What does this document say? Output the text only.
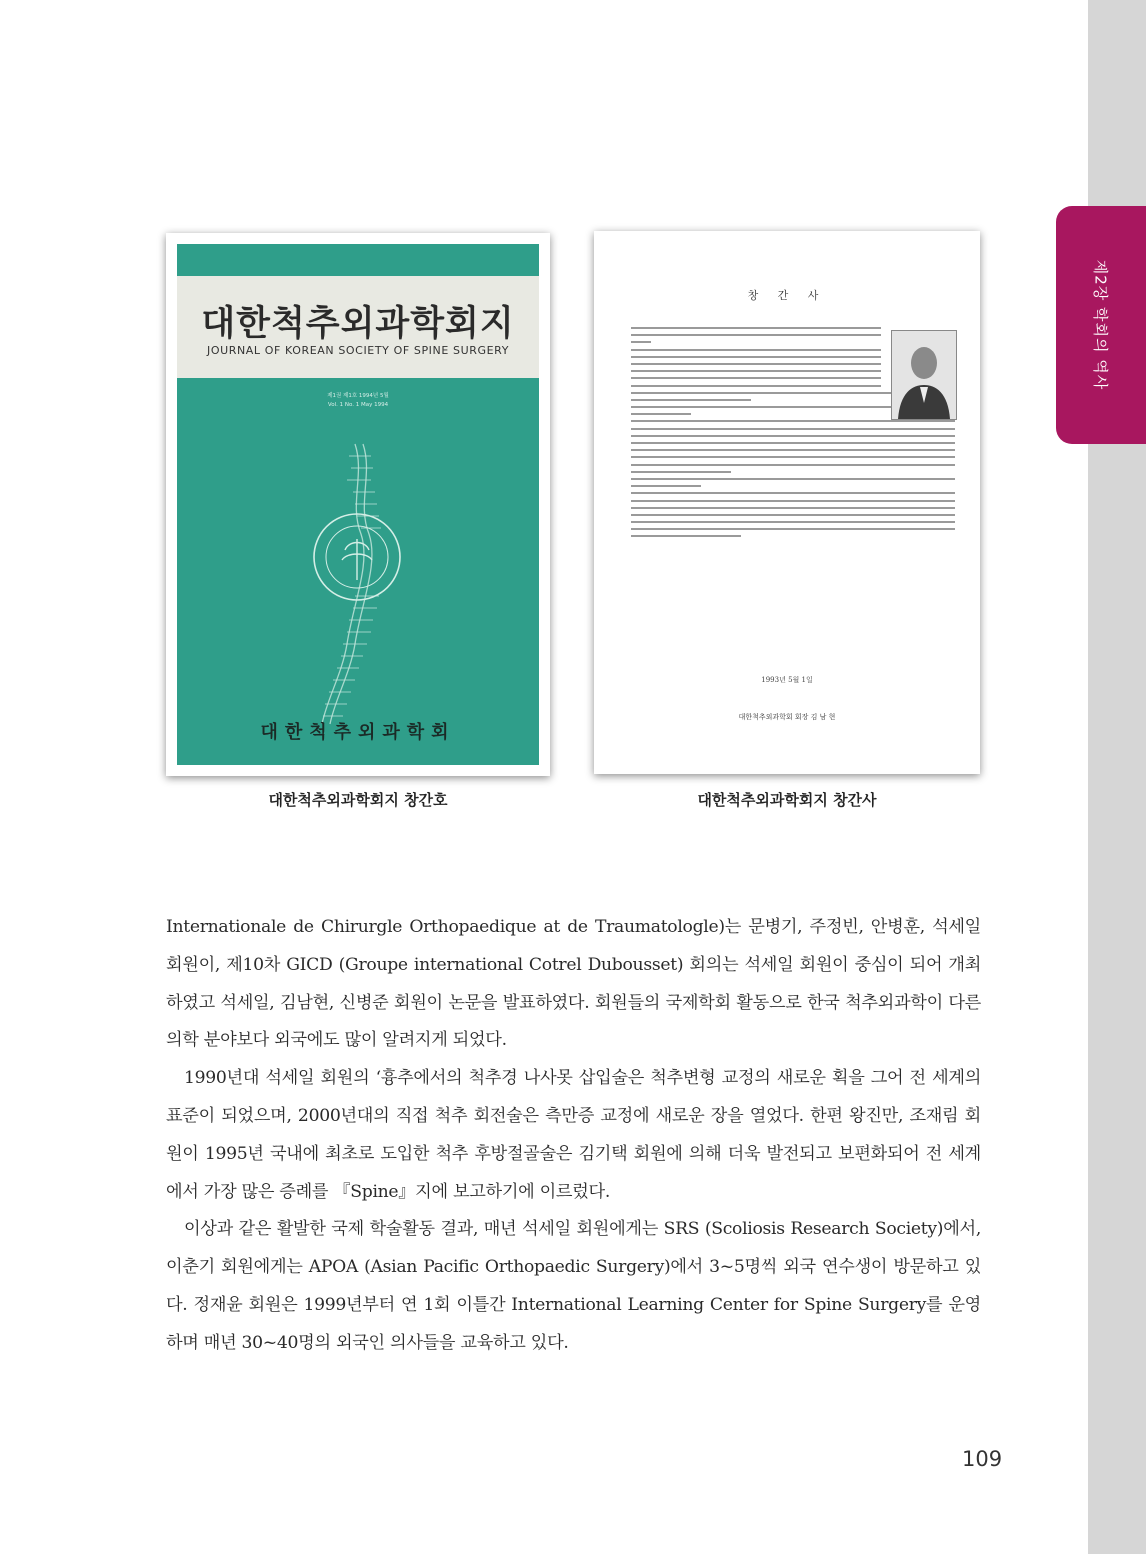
제2장 학회의 역사
대한척추외과학회지
JOURNAL OF KOREAN SOCIETY OF SPINE SURGERY
제1권 제1호 1994년 5월
Vol. 1 No. 1 May 1994
대한척추외과학회
대한척추외과학회지 창간호
창 간 사
1993년 5월 1일
대한척추외과학회 회장 김 남 현
대한척추외과학회지 창간사

Internationale de Chirurgle Orthopaedique at de Traumatologle)는 문병기, 주정빈, 안병훈, 석세일 회원이, 제10차 GICD (Groupe international Cotrel Dubousset) 회의는 석세일 회원이 중심이 되어 개최하였고 석세일, 김남현, 신병준 회원이 논문을 발표하였다. 회원들의 국제학회 활동으로 한국 척추외과학이 다른 의학 분야보다 외국에도 많이 알려지게 되었다.

1990년대 석세일 회원의 ‘흉추에서의 척추경 나사못 삽입술은 척추변형 교정의 새로운 획을 그어 전 세계의 표준이 되었으며, 2000년대의 직접 척추 회전술은 측만증 교정에 새로운 장을 열었다. 한편 왕진만, 조재림 회원이 1995년 국내에 최초로 도입한 척추 후방절골술은 김기택 회원에 의해 더욱 발전되고 보편화되어 전 세계에서 가장 많은 증례를 『Spine』지에 보고하기에 이르렀다.

이상과 같은 활발한 국제 학술활동 결과, 매년 석세일 회원에게는 SRS (Scoliosis Research Society)에서, 이춘기 회원에게는 APOA (Asian Pacific Orthopaedic Surgery)에서 3~5명씩 외국 연수생이 방문하고 있다. 정재윤 회원은 1999년부터 연 1회 이틀간 International Learning Center for Spine Surgery를 운영하며 매년 30~40명의 외국인 의사들을 교육하고 있다.

109
